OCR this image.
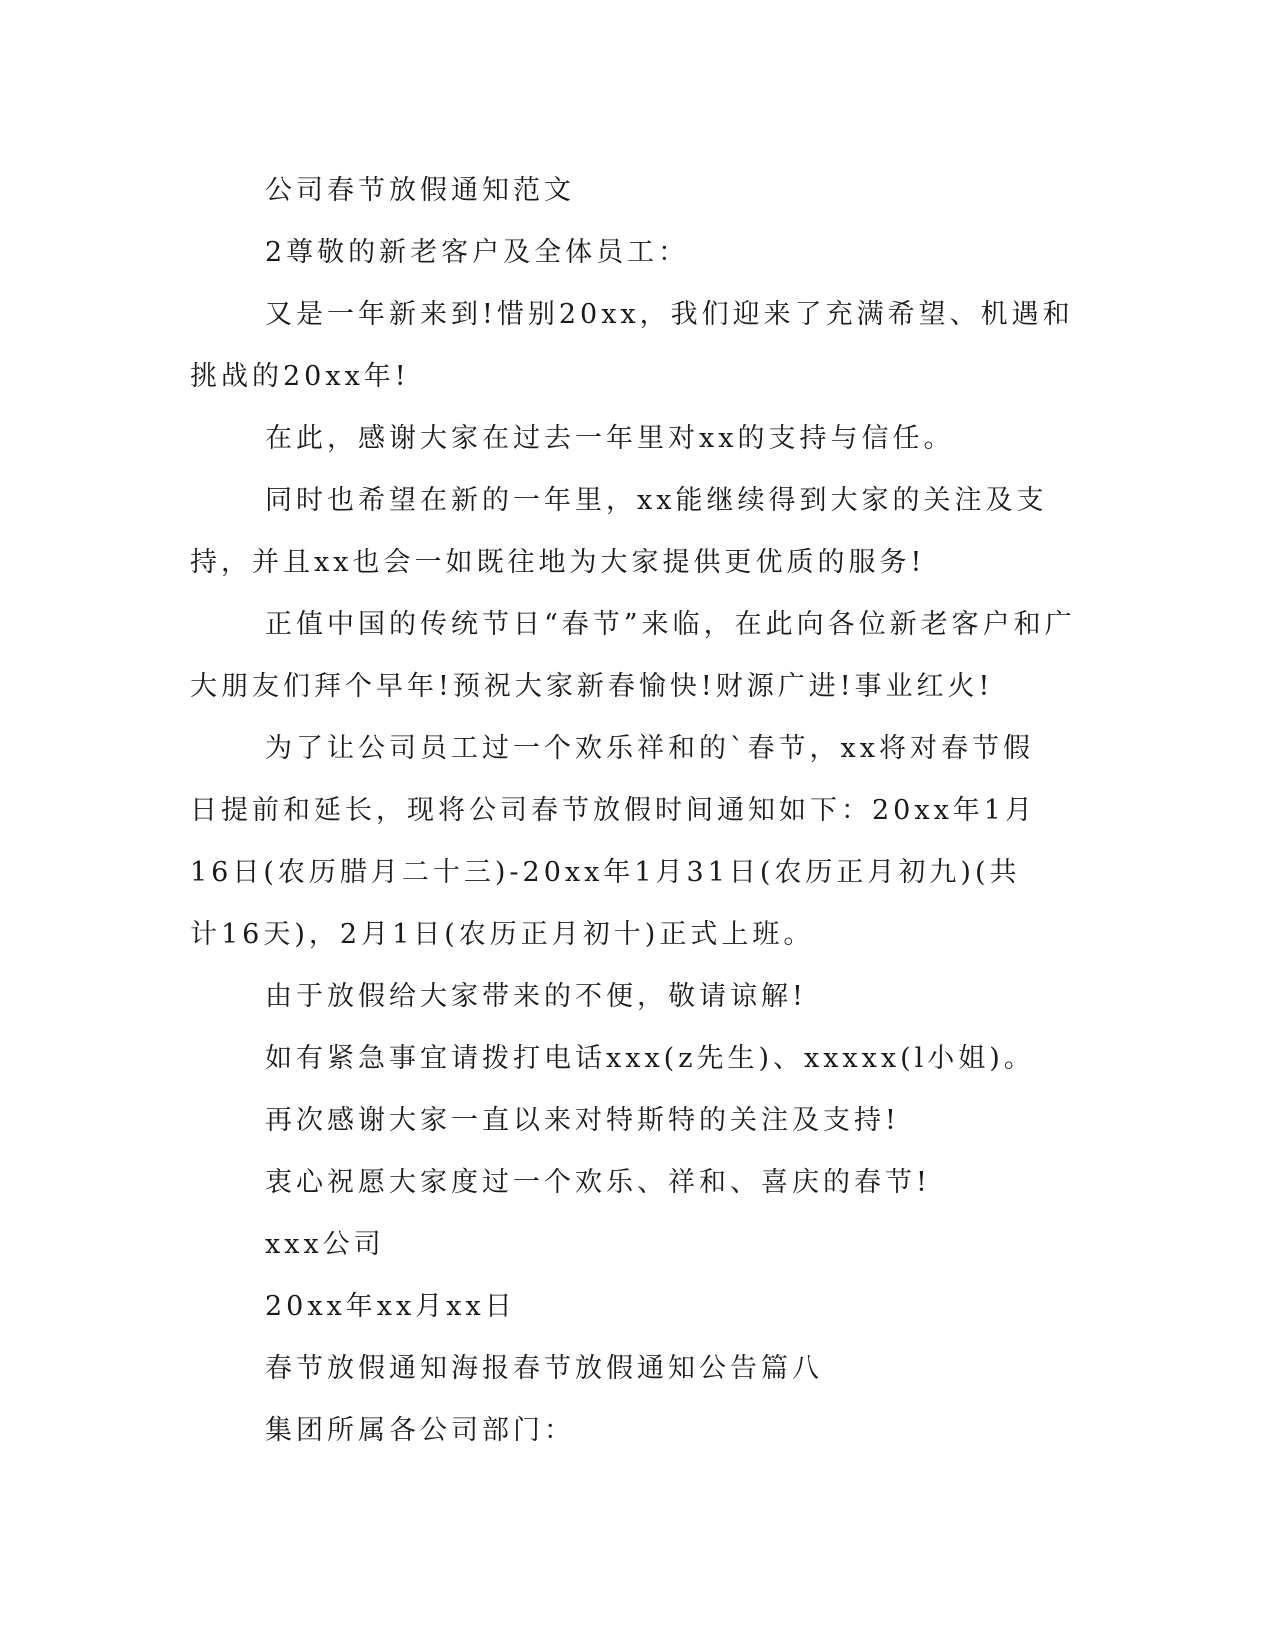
公司春节放假通知范文

2尊敬的新老客户及全体员工：

又是一年新来到!惜别20xx，我们迎来了充满希望、机遇和挑战的20xx年!

在此，感谢大家在过去一年里对xx的支持与信任。

同时也希望在新的一年里，xx能继续得到大家的关注及支持，并且xx也会一如既往地为大家提供更优质的服务!

正值中国的传统节日“春节”来临，在此向各位新老客户和广大朋友们拜个早年!预祝大家新春愉快!财源广进!事业红火!

为了让公司员工过一个欢乐祥和的`春节，xx将对春节假日提前和延长，现将公司春节放假时间通知如下：20xx年1月16日(农历腊月二十三)-20xx年1月31日(农历正月初九)(共计16天)，2月1日(农历正月初十)正式上班。

由于放假给大家带来的不便，敬请谅解!

如有紧急事宜请拨打电话xxx(z先生)、xxxxx(l小姐)。

再次感谢大家一直以来对特斯特的关注及支持!

衷心祝愿大家度过一个欢乐、祥和、喜庆的春节!

xxx公司

20xx年xx月xx日

春节放假通知海报春节放假通知公告篇八

集团所属各公司部门：
